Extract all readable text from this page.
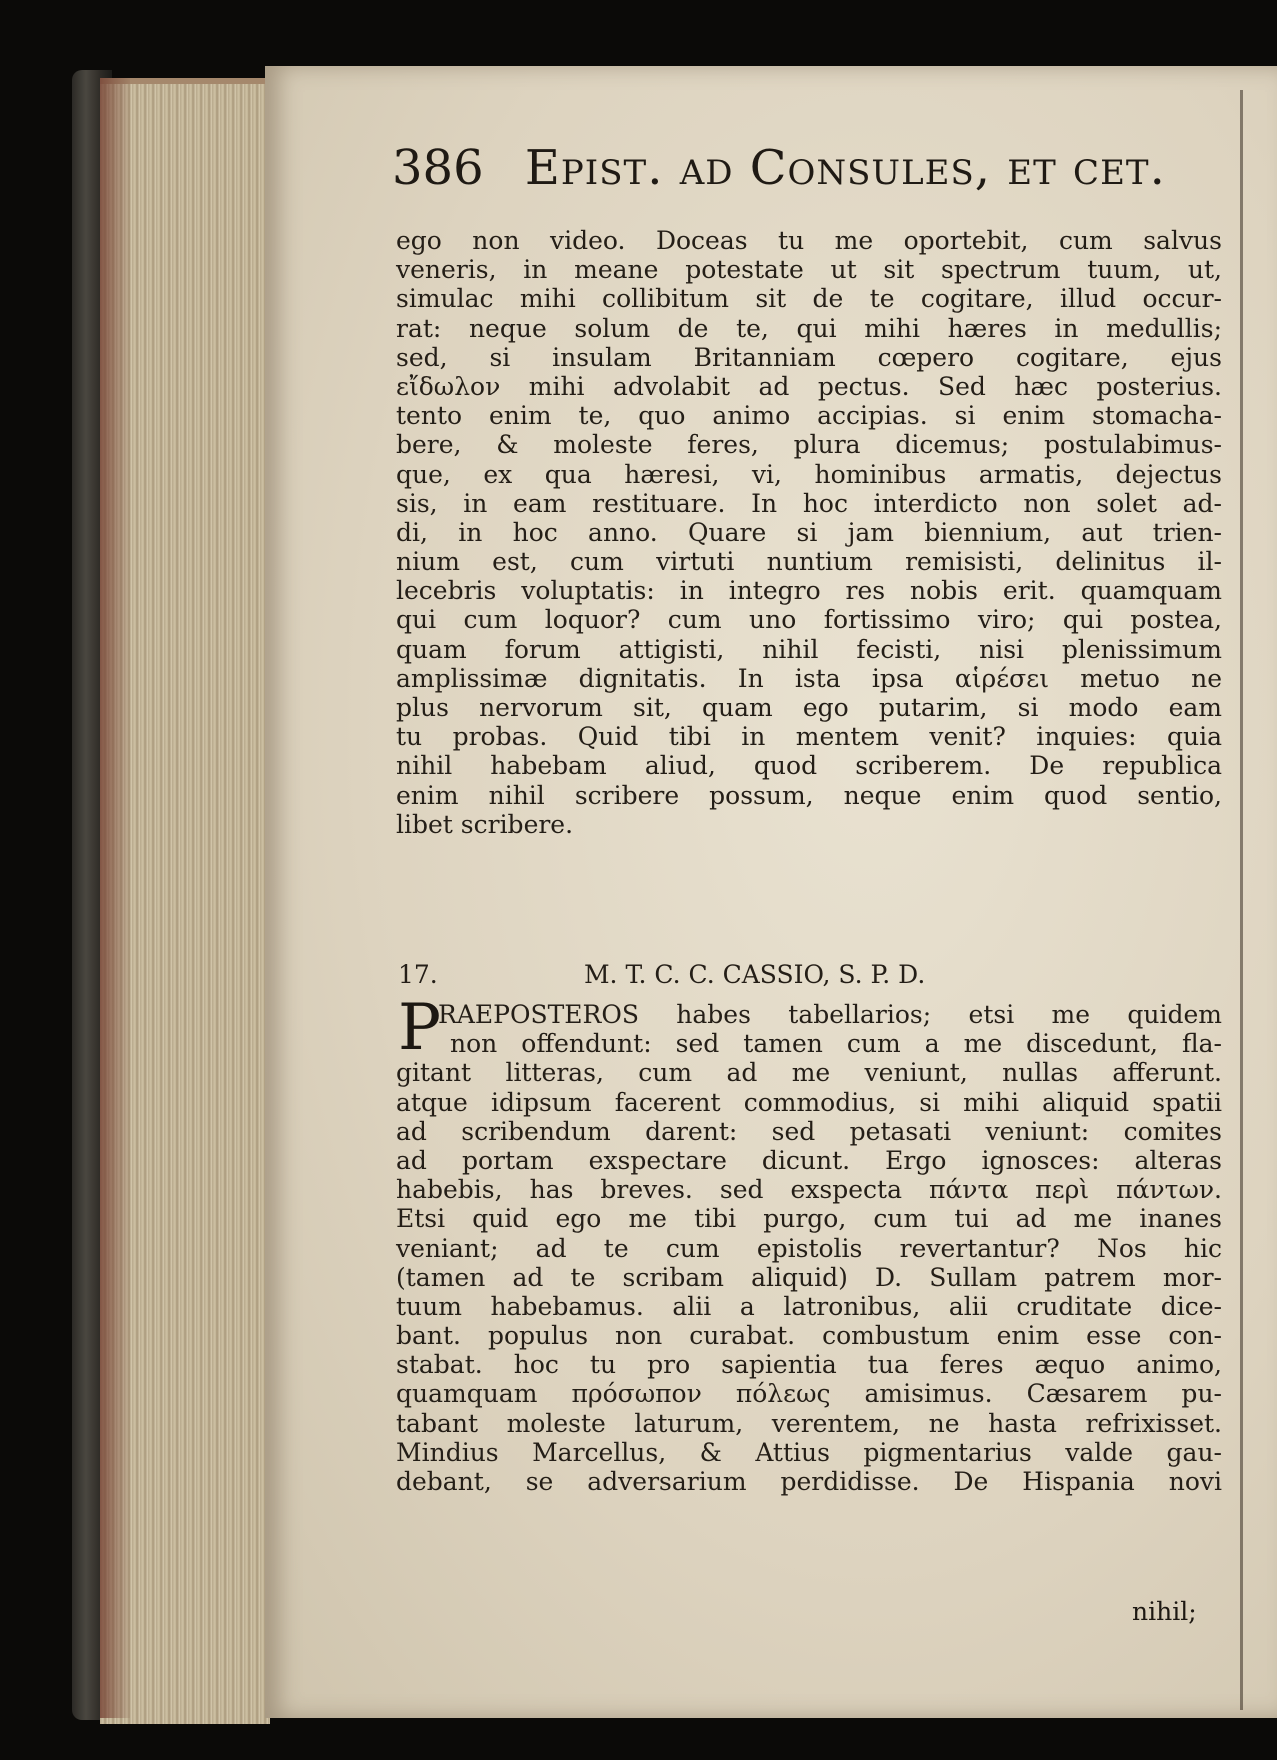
386 Epist. ad Consules, et cet.
ego non video. Doceas tu me oportebit, cum salvus
veneris, in meane potestate ut sit spectrum tuum, ut,
simulac mihi collibitum sit de te cogitare, illud occur-
rat: neque solum de te, qui mihi hæres in medullis;
sed, si insulam Britanniam cœpero cogitare, ejus
εἴδωλον mihi advolabit ad pectus. Sed hæc posterius.
tento enim te, quo animo accipias. si enim stomacha-
bere, & moleste feres, plura dicemus; postulabimus-
que, ex qua hæresi, vi, hominibus armatis, dejectus
sis, in eam restituare. In hoc interdicto non solet ad-
di, in hoc anno. Quare si jam biennium, aut trien-
nium est, cum virtuti nuntium remisisti, delinitus il-
lecebris voluptatis: in integro res nobis erit. quamquam
qui cum loquor? cum uno fortissimo viro; qui postea,
quam forum attigisti, nihil fecisti, nisi plenissimum
amplissimæ dignitatis. In ista ipsa αἱρέσει metuo ne
plus nervorum sit, quam ego putarim, si modo eam
tu probas. Quid tibi in mentem venit? inquies: quia
nihil habebam aliud, quod scriberem. De republica
enim nihil scribere possum, neque enim quod sentio,
libet scribere.
17.	M. T. C. C. CASSIO, S. P. D.
P
RAEPOSTEROS habes tabellarios; etsi me quidem
non offendunt: sed tamen cum a me discedunt, fla-
gitant litteras, cum ad me veniunt, nullas afferunt.
atque idipsum facerent commodius, si mihi aliquid spatii
ad scribendum darent: sed petasati veniunt: comites
ad portam exspectare dicunt. Ergo ignosces: alteras
habebis, has breves. sed exspecta πάντα περὶ πάντων.
Etsi quid ego me tibi purgo, cum tui ad me inanes
veniant; ad te cum epistolis revertantur? Nos hic
(tamen ad te scribam aliquid) D. Sullam patrem mor-
tuum habebamus. alii a latronibus, alii cruditate dice-
bant. populus non curabat. combustum enim esse con-
stabat. hoc tu pro sapientia tua feres æquo animo,
quamquam πρόσωπον πόλεως amisimus. Cæsarem pu-
tabant moleste laturum, verentem, ne hasta refrixisset.
Mindius Marcellus, & Attius pigmentarius valde gau-
debant, se adversarium perdidisse. De Hispania novi
nihil;
